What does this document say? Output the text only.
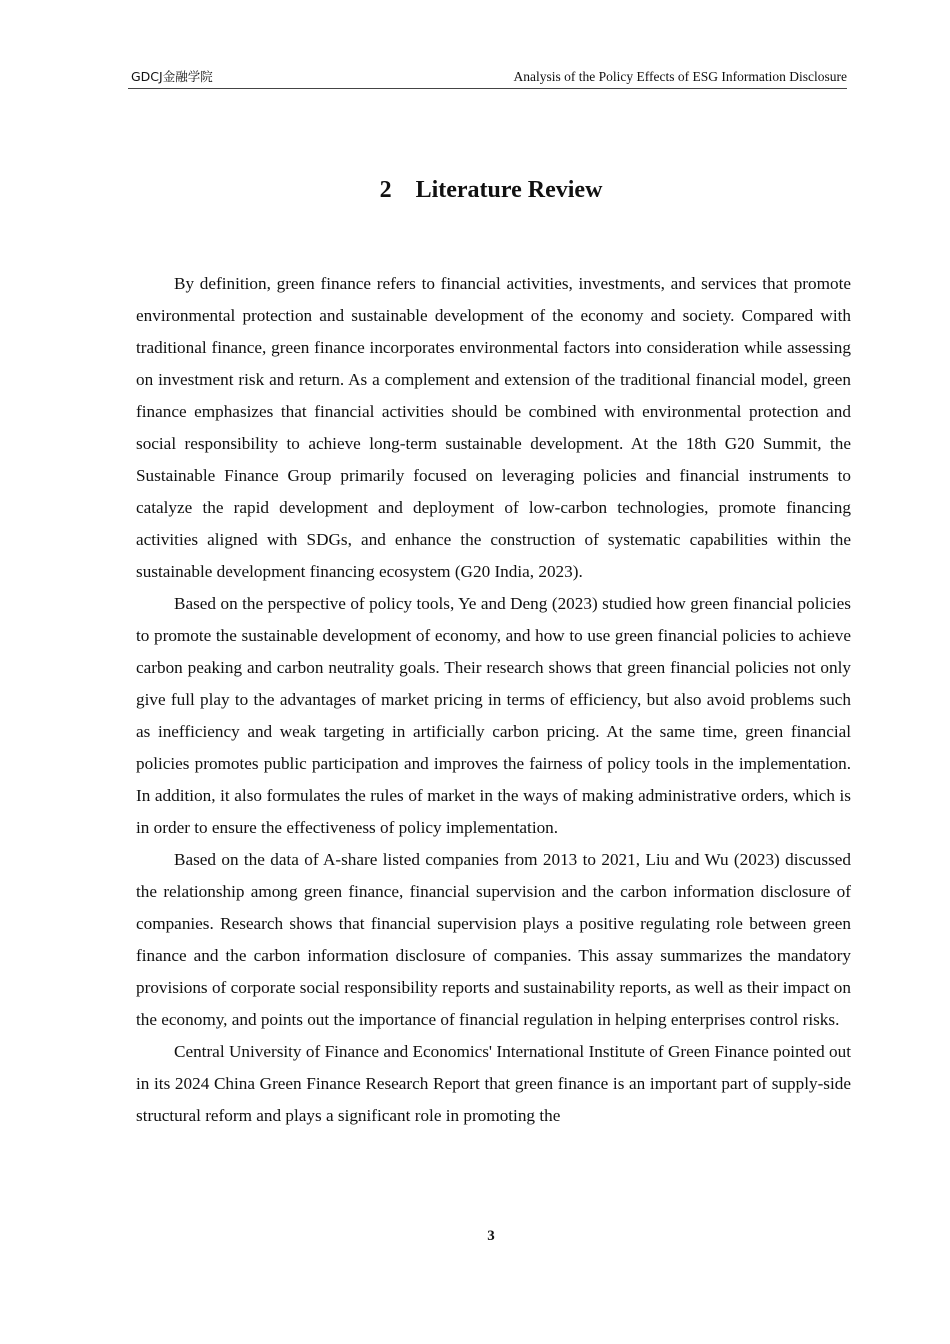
GDCJ金融学院	Analysis of the Policy Effects of ESG Information Disclosure
2 Literature Review

By definition, green finance refers to financial activities, investments, and services that promote environmental protection and sustainable development of the economy and society. Compared with traditional finance, green finance incorporates environmental factors into consideration while assessing on investment risk and return. As a complement and extension of the traditional financial model, green finance emphasizes that financial activities should be combined with environmental protection and social responsibility to achieve long-term sustainable development. At the 18th G20 Summit, the Sustainable Finance Group primarily focused on leveraging policies and financial instruments to catalyze the rapid development and deployment of low-carbon technologies, promote financing activities aligned with SDGs, and enhance the construction of systematic capabilities within the sustainable development financing ecosystem (G20 India, 2023).

Based on the perspective of policy tools, Ye and Deng (2023) studied how green financial policies to promote the sustainable development of economy, and how to use green financial policies to achieve carbon peaking and carbon neutrality goals. Their research shows that green financial policies not only give full play to the advantages of market pricing in terms of efficiency, but also avoid problems such as inefficiency and weak targeting in artificially carbon pricing. At the same time, green financial policies promotes public participation and improves the fairness of policy tools in the implementation. In addition, it also formulates the rules of market in the ways of making administrative orders, which is in order to ensure the effectiveness of policy implementation.

Based on the data of A-share listed companies from 2013 to 2021, Liu and Wu (2023) discussed the relationship among green finance, financial supervision and the carbon information disclosure of companies. Research shows that financial supervision plays a positive regulating role between green finance and the carbon information disclosure of companies. This assay summarizes the mandatory provisions of corporate social responsibility reports and sustainability reports, as well as their impact on the economy, and points out the importance of financial regulation in helping enterprises control risks.

Central University of Finance and Economics' International Institute of Green Finance pointed out in its 2024 China Green Finance Research Report that green finance is an important part of supply-side structural reform and plays a significant role in promoting the

3
